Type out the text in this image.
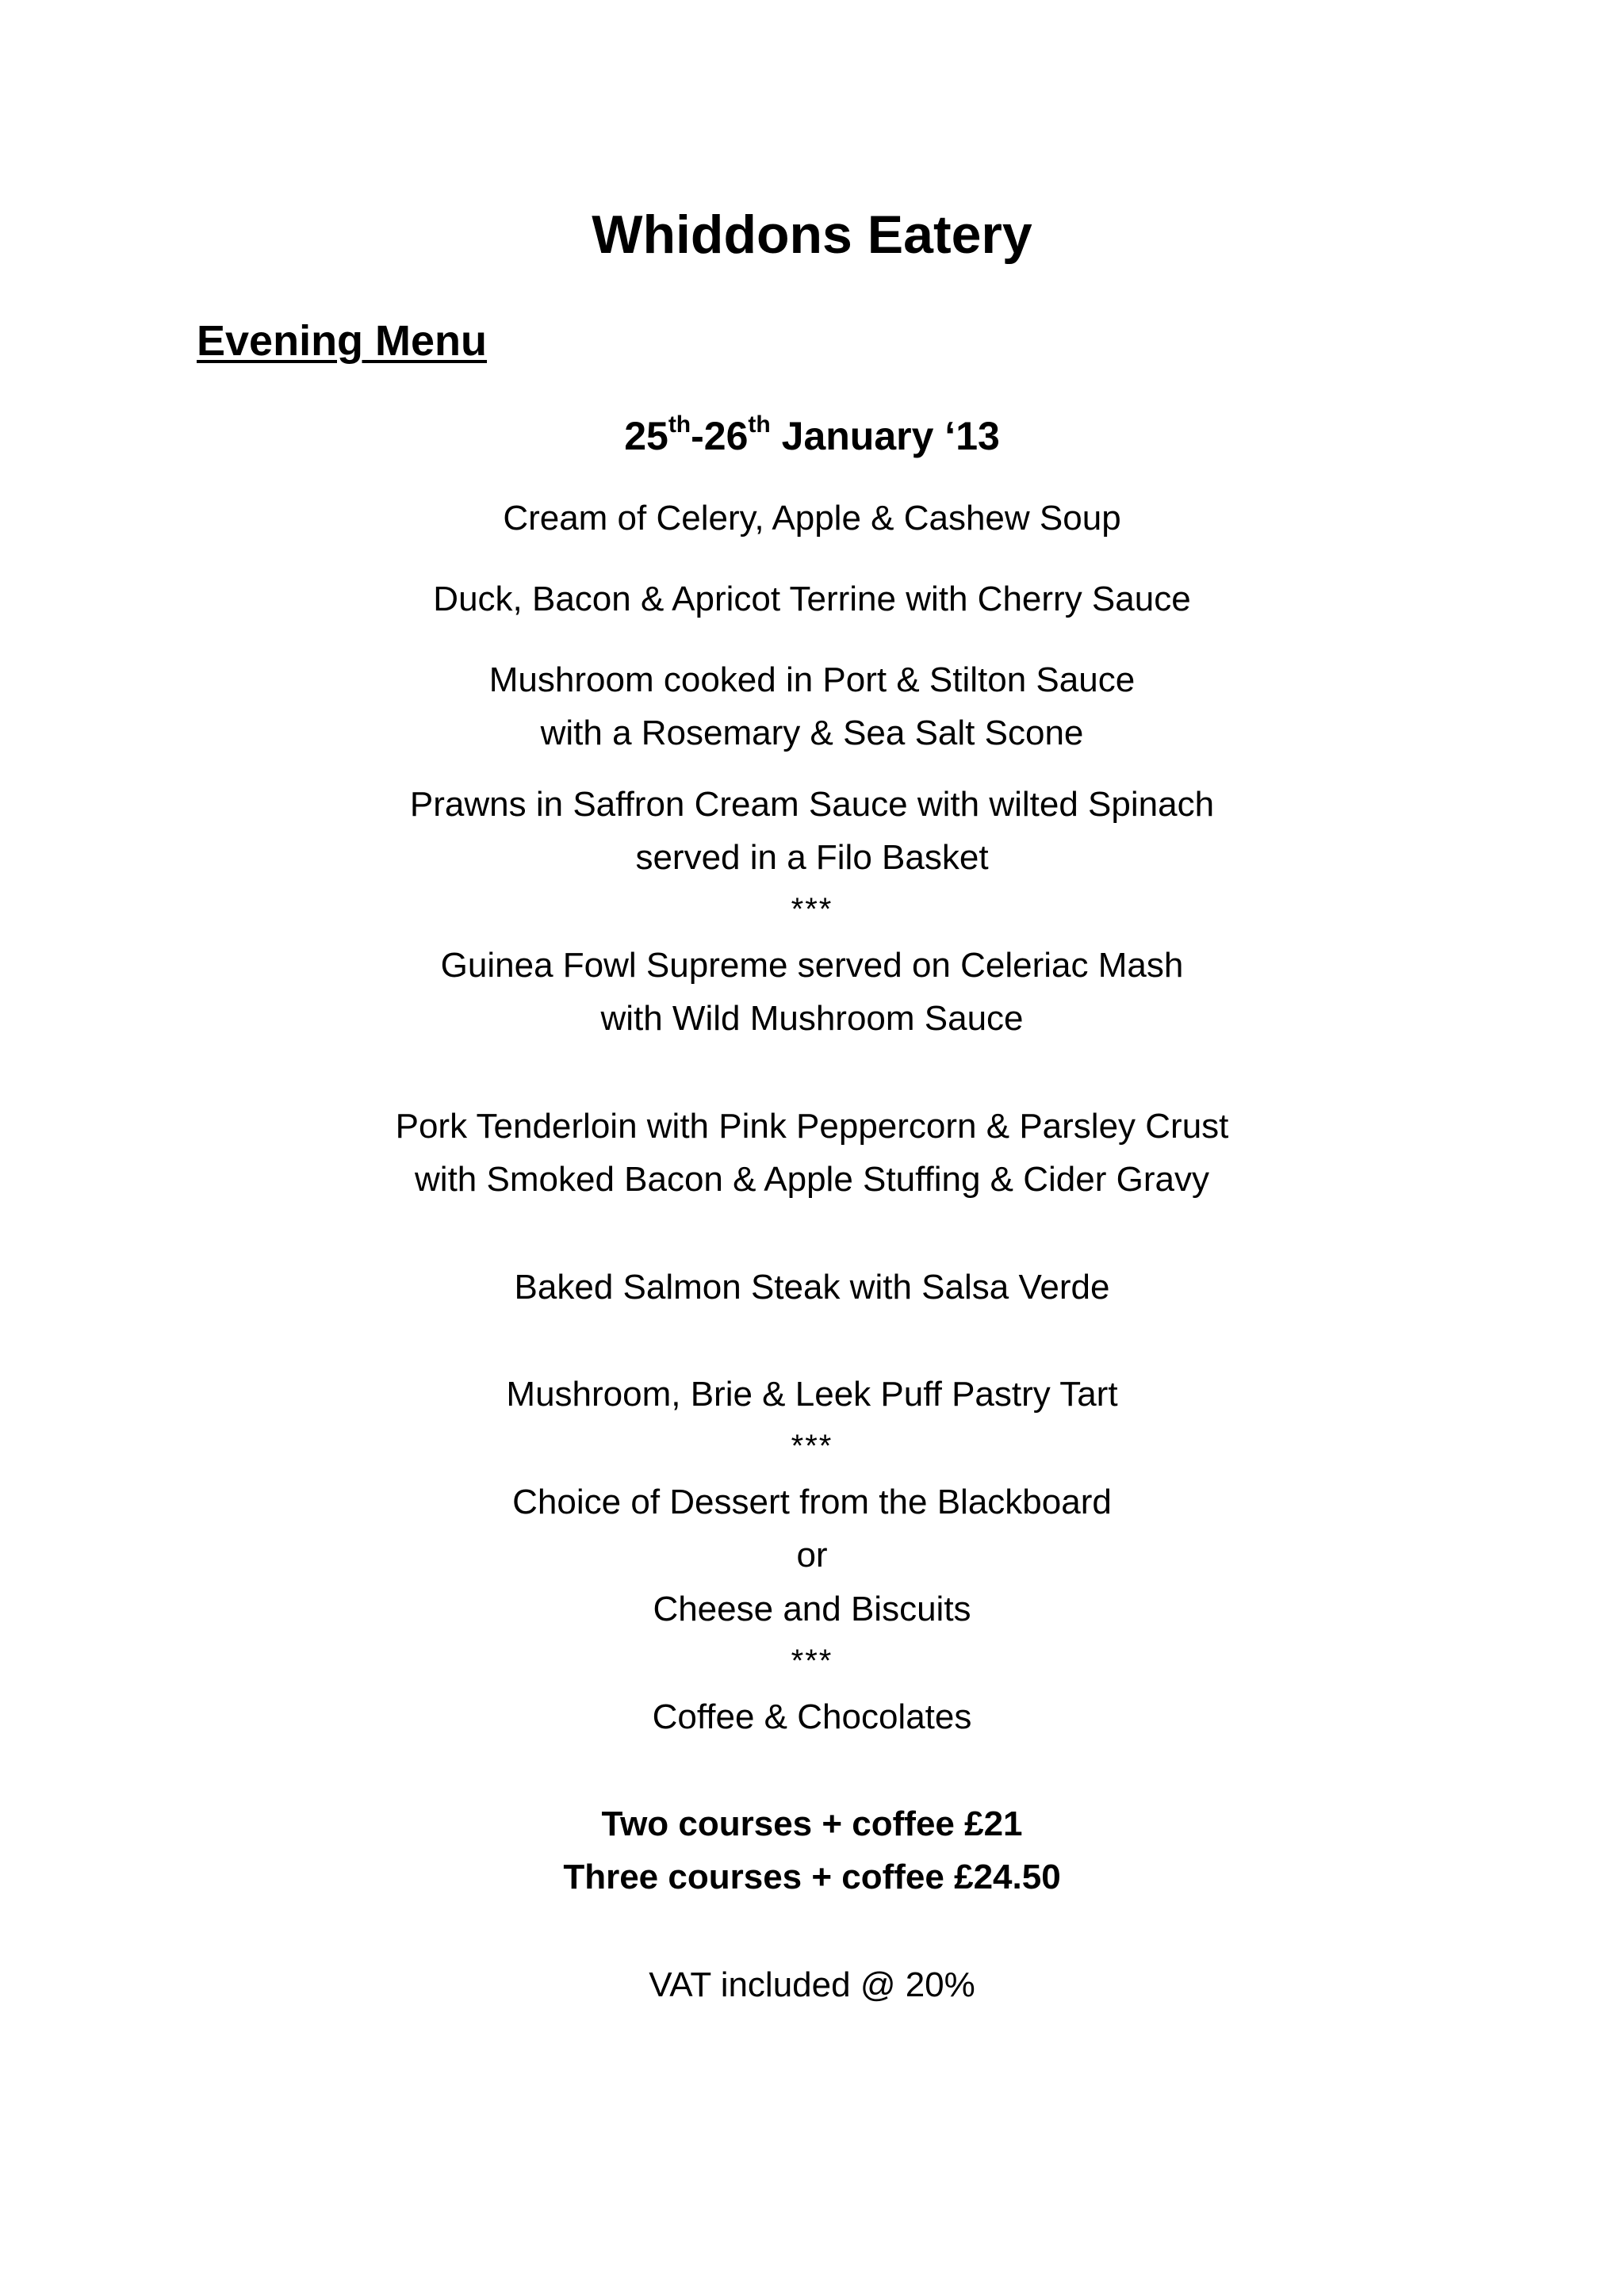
Whiddons Eatery
Evening Menu
25th-26th January ‘13
Cream of Celery, Apple & Cashew Soup
Duck, Bacon & Apricot Terrine with Cherry Sauce
Mushroom cooked in Port & Stilton Sauce
with a Rosemary & Sea Salt Scone
Prawns in Saffron Cream Sauce with wilted Spinach
served in a Filo Basket
***
Guinea Fowl Supreme served on Celeriac Mash
with Wild Mushroom Sauce
Pork Tenderloin with Pink Peppercorn & Parsley Crust
with Smoked Bacon & Apple Stuffing & Cider Gravy
Baked Salmon Steak with Salsa Verde
Mushroom, Brie & Leek Puff Pastry Tart
***
Choice of Dessert from the Blackboard
or
Cheese and Biscuits
***
Coffee & Chocolates
Two courses + coffee £21
Three courses + coffee £24.50
VAT included @ 20%
